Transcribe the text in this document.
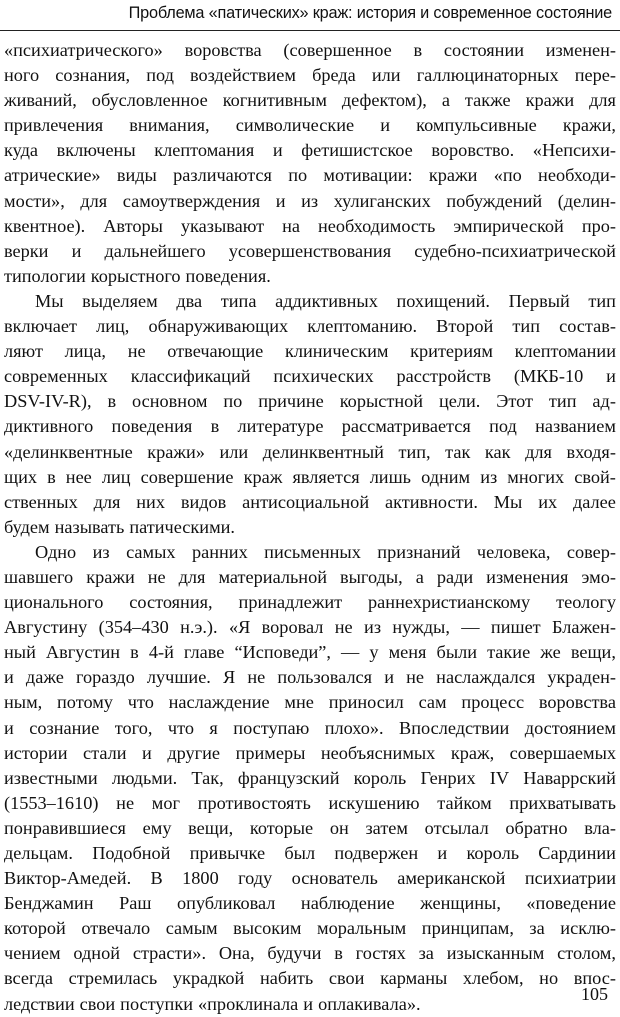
Проблема «патических» краж: история и современное состояние
«психиатрического» воровства (совершенное в состоянии изменен-
ного сознания, под воздействием бреда или галлюцинаторных пере-
живаний, обусловленное когнитивным дефектом), а также кражи для
привлечения внимания, символические и компульсивные кражи,
куда включены клептомания и фетишистское воровство. «Непсихи-
атрические» виды различаются по мотивации: кражи «по необходи-
мости», для самоутверждения и из хулиганских побуждений (делин-
квентное). Авторы указывают на необходимость эмпирической про-
верки и дальнейшего усовершенствования судебно-психиатрической
типологии корыстного поведения.
Мы выделяем два типа аддиктивных похищений. Первый тип
включает лиц, обнаруживающих клептоманию. Второй тип состав-
ляют лица, не отвечающие клиническим критериям клептомании
современных классификаций психических расстройств (МКБ-10 и
DSV-IV-R), в основном по причине корыстной цели. Этот тип ад-
диктивного поведения в литературе рассматривается под названием
«делинквентные кражи» или делинквентный тип, так как для входя-
щих в нее лиц совершение краж является лишь одним из многих свой-
ственных для них видов антисоциальной активности. Мы их далее
будем называть патическими.
Одно из самых ранних письменных признаний человека, совер-
шавшего кражи не для материальной выгоды, а ради изменения эмо-
ционального состояния, принадлежит раннехристианскому теологу
Августину (354–430 н.э.). «Я воровал не из нужды, — пишет Блажен-
ный Августин в 4-й главе “Исповеди”, — у меня были такие же вещи,
и даже гораздо лучшие. Я не пользовался и не наслаждался украден-
ным, потому что наслаждение мне приносил сам процесс воровства
и сознание того, что я поступаю плохо». Впоследствии достоянием
истории стали и другие примеры необъяснимых краж, совершаемых
известными людьми. Так, французский король Генрих IV Наваррский
(1553–1610) не мог противостоять искушению тайком прихватывать
понравившиеся ему вещи, которые он затем отсылал обратно вла-
дельцам. Подобной привычке был подвержен и король Сардинии
Виктор-Амедей. В 1800 году основатель американской психиатрии
Бенджамин Раш опубликовал наблюдение женщины, «поведение
которой отвечало самым высоким моральным принципам, за исклю-
чением одной страсти». Она, будучи в гостях за изысканным столом,
всегда стремилась украдкой набить свои карманы хлебом, но впос-
ледствии свои поступки «проклинала и оплакивала».	105
